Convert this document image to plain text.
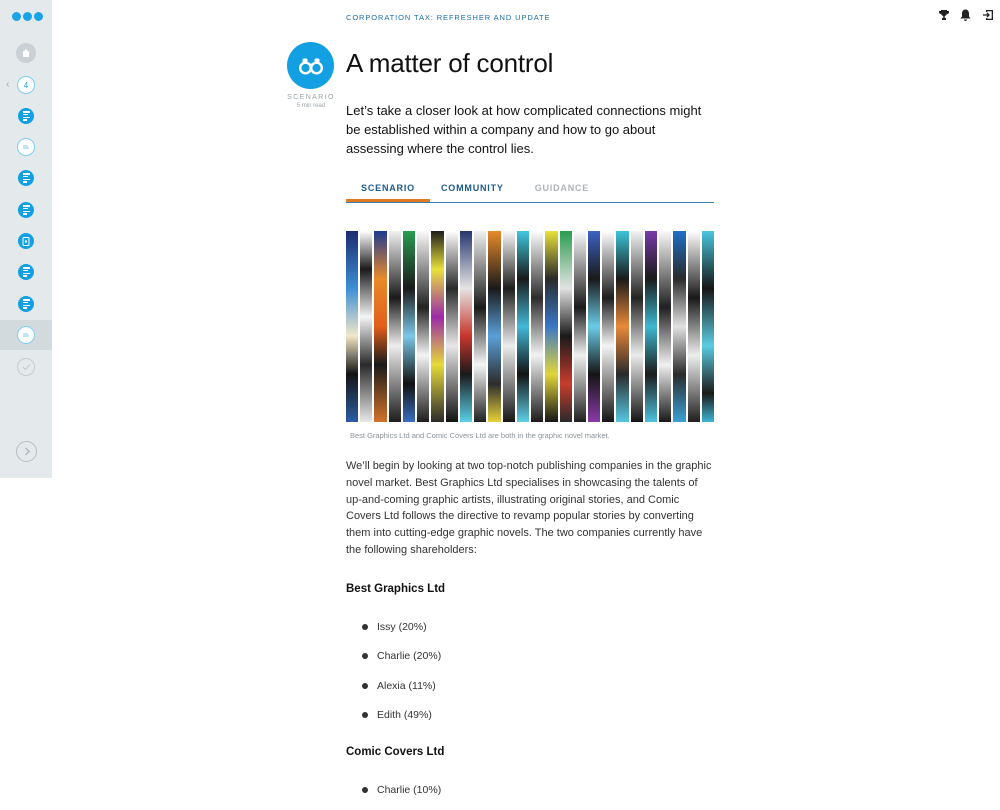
‹ 4
CORPORATION TAX: REFRESHER AND UPDATE
SCENARIO
5 min read
A matter of control

Let’s take a closer look at how complicated connections might be established within a company and how to go about assessing where the control lies.

SCENARIO	COMMUNITY	GUIDANCE
Best Graphics Ltd and Comic Covers Ltd are both in the graphic novel market.

We’ll begin by looking at two top-notch publishing companies in the graphic novel market. Best Graphics Ltd specialises in showcasing the talents of up-and-coming graphic artists, illustrating original stories, and Comic Covers Ltd follows the directive to revamp popular stories by converting them into cutting-edge graphic novels. The two companies currently have the following shareholders:

Best Graphics Ltd
Issy (20%)
Charlie (20%)
Alexia (11%)
Edith (49%)
Comic Covers Ltd
Charlie (10%)
